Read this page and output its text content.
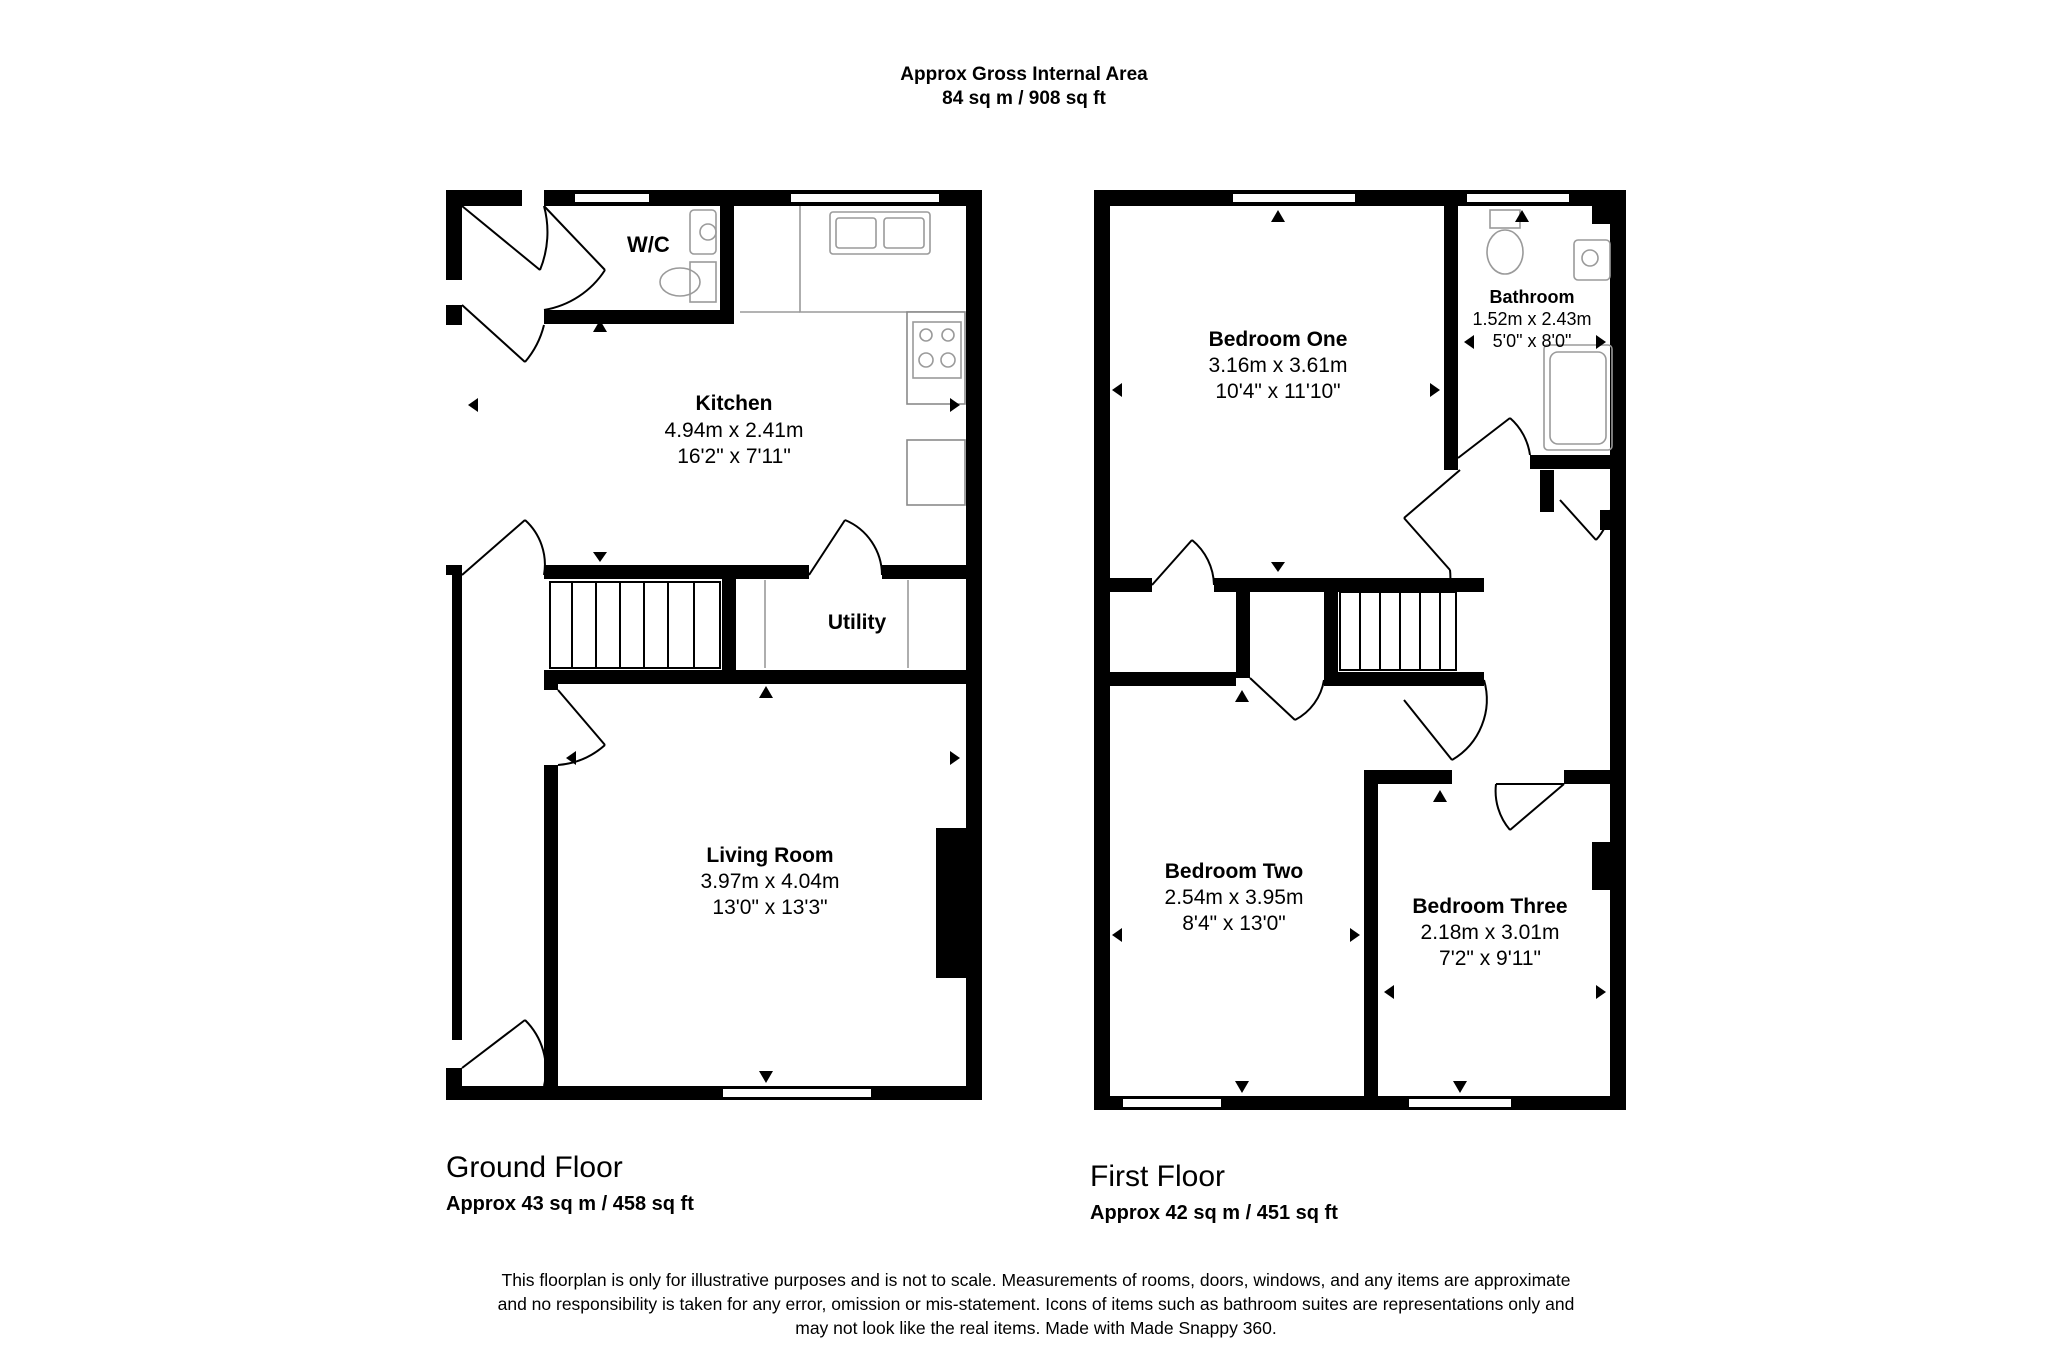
Approx Gross Internal Area
84 sq m / 908 sq ft
W/C
Kitchen
4.94m x 2.41m
16'2" x 7'11"
Utility
Living Room
3.97m x 4.04m
13'0" x 13'3"
Bathroom
1.52m x 2.43m
5'0" x 8'0"
Bedroom One
3.16m x 3.61m
10'4" x 11'10"
Bedroom Two
2.54m x 3.95m
8'4" x 13'0"
Bedroom Three
2.18m x 3.01m
7'2" x 9'11"
Ground Floor
Approx 43 sq m / 458 sq ft
First Floor
Approx 42 sq m / 451 sq ft
This floorplan is only for illustrative purposes and is not to scale. Measurements of rooms, doors, windows, and any items are approximate
and no responsibility is taken for any error, omission or mis-statement. Icons of items such as bathroom suites are representations only and
may not look like the real items. Made with Made Snappy 360.
